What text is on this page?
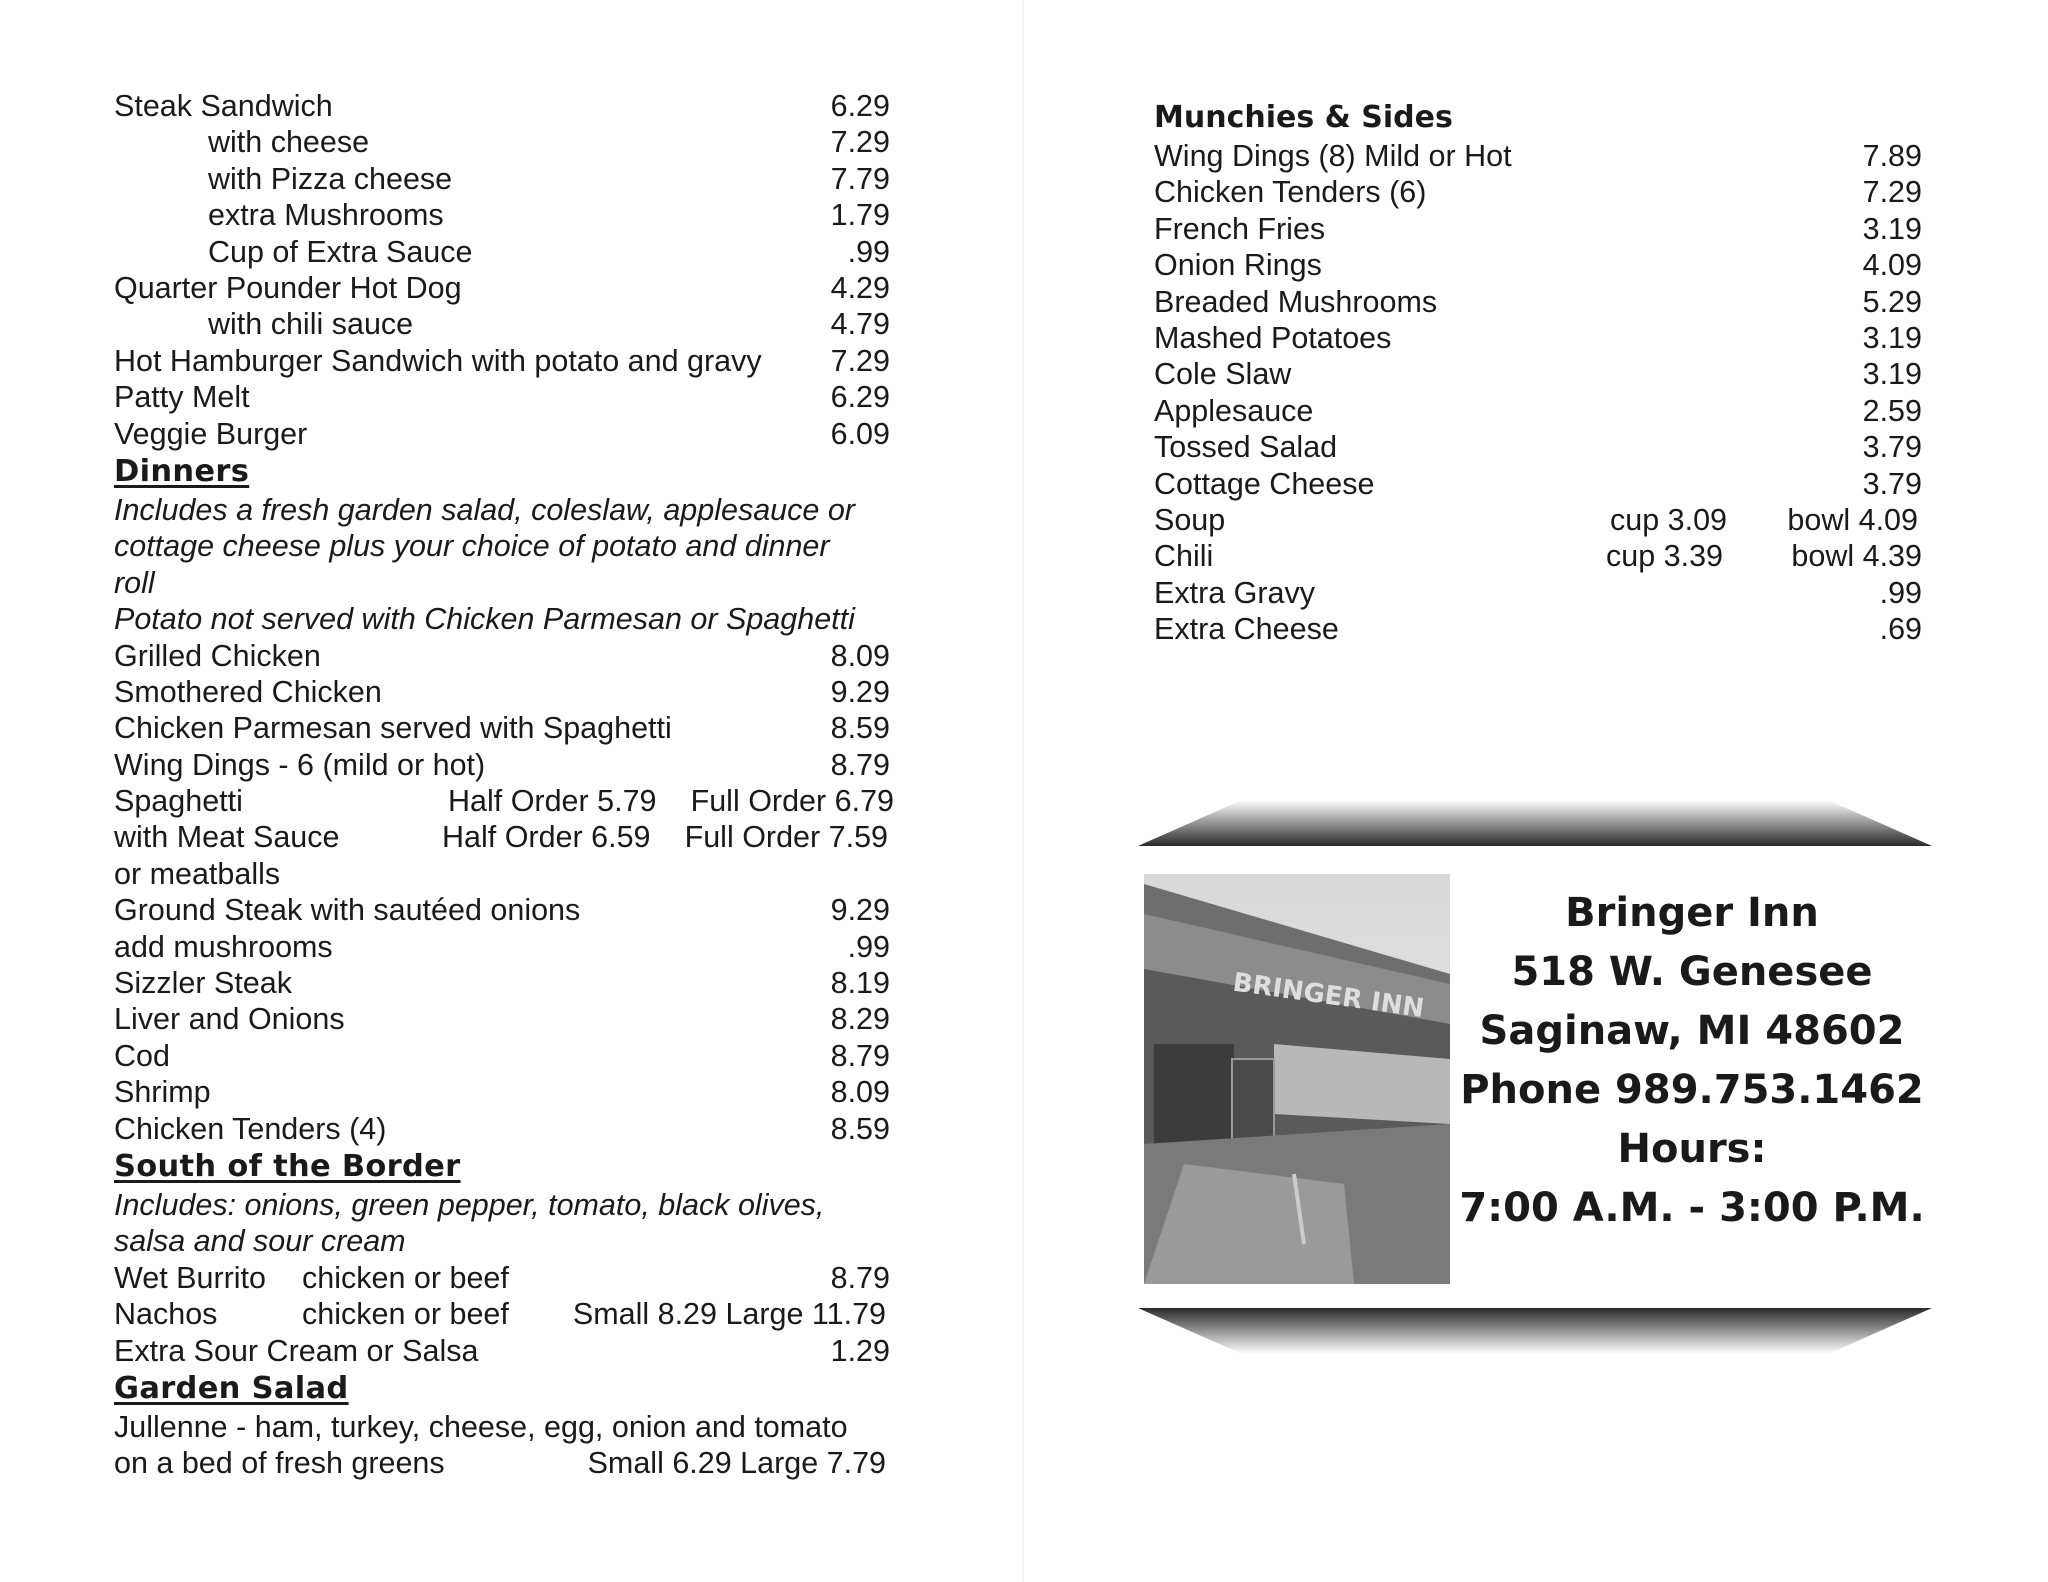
Steak Sandwich	6.29
with cheese	7.29
with Pizza cheese	7.79
extra Mushrooms	1.79
Cup of Extra Sauce	.99
Quarter Pounder Hot Dog	4.29
with chili sauce	4.79
Hot Hamburger Sandwich with potato and gravy 7.29
Patty Melt	6.29
Veggie Burger	6.09
Dinners
Includes a fresh garden salad, coleslaw, applesauce or
cottage cheese plus your choice of potato and dinner
roll
Potato not served with Chicken Parmesan or Spaghetti
Grilled Chicken	8.09
Smothered Chicken	9.29
Chicken Parmesan served with Spaghetti	8.59
Wing Dings - 6 (mild or hot)	8.79
Spaghetti	Half Order 5.79 Full Order 6.79
with Meat Sauce	Half Order 6.59 Full Order 7.59
or meatballs
Ground Steak with sautéed onions	9.29
add mushrooms	.99
Sizzler Steak	8.19
Liver and Onions	8.29
Cod	8.79
Shrimp	8.09
Chicken Tenders (4)	8.59
South of the Border
Includes: onions, green pepper, tomato, black olives,
salsa and sour cream
Wet Burrito chicken or beef	8.79
Nachos	chicken or beef Small 8.29 Large 11.79
Extra Sour Cream or Salsa	1.29
Garden Salad
Jullenne - ham, turkey, cheese, egg, onion and tomato
on a bed of fresh greens	Small 6.29 Large 7.79
Munchies & Sides
Wing Dings (8) Mild or Hot	7.89
Chicken Tenders (6)	7.29
French Fries	3.19
Onion Rings	4.09
Breaded Mushrooms	5.29
Mashed Potatoes	3.19
Cole Slaw	3.19
Applesauce	2.59
Tossed Salad	3.79
Cottage Cheese	3.79
Soup	cup 3.09 bowl 4.09
Chili	cup 3.39 bowl 4.39
Extra Gravy	.99
Extra Cheese	.69
BRINGER INN
Bringer Inn
518 W. Genesee
Saginaw, MI 48602
Phone 989.753.1462
Hours:
7:00 A.M. - 3:00 P.M.
